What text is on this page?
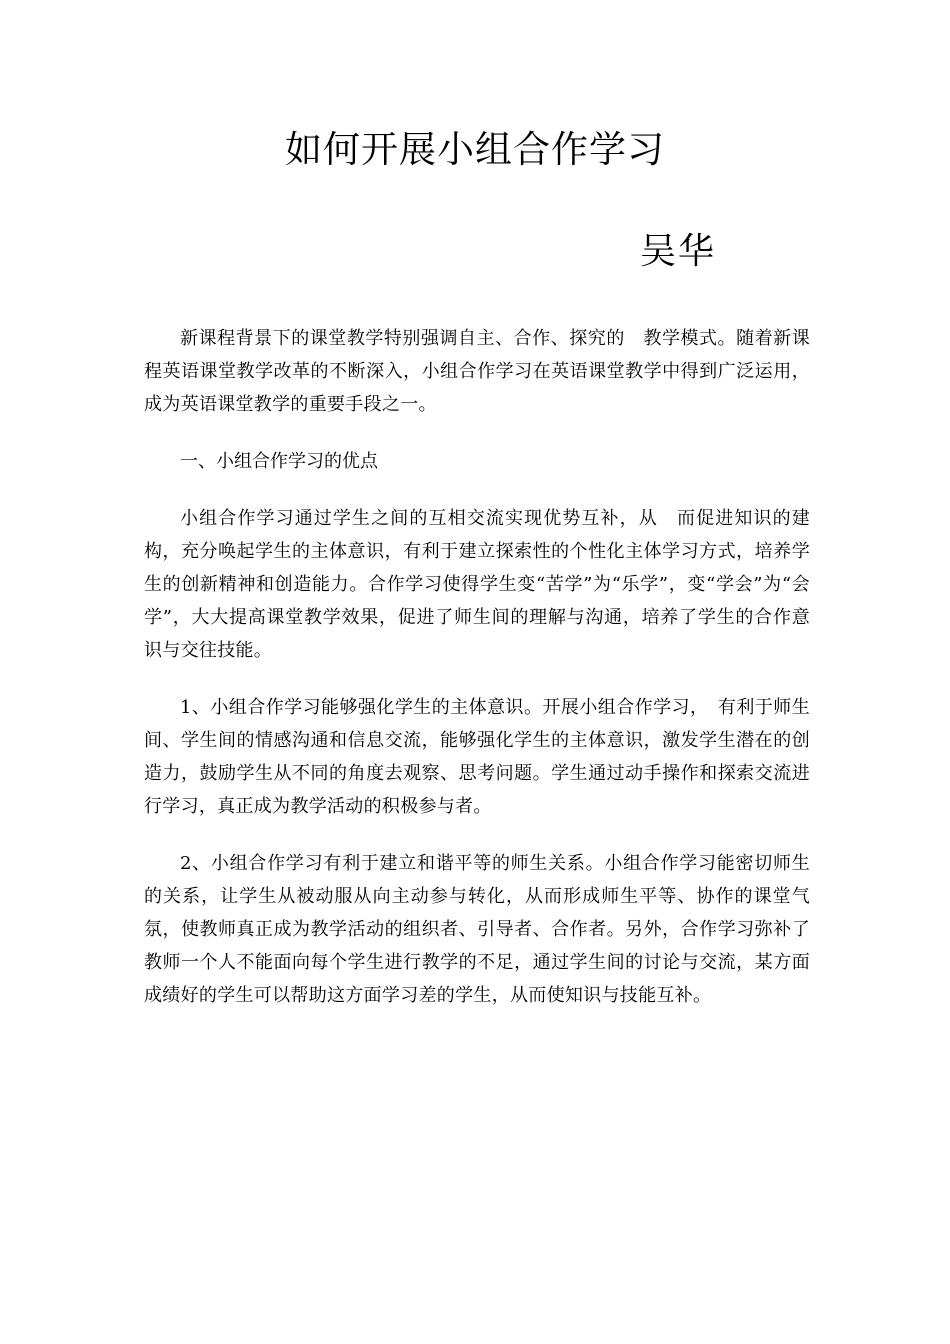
如何开展小组合作学习
吴华

新课程背景下的课堂教学特别强调自主、合作、探究的　教学模式。随着新课程英语课堂教学改革的不断深入，小组合作学习在英语课堂教学中得到广泛运用，成为英语课堂教学的重要手段之一。

一、小组合作学习的优点

小组合作学习通过学生之间的互相交流实现优势互补，从　而促进知识的建构，充分唤起学生的主体意识，有利于建立探索性的个性化主体学习方式，培养学生的创新精神和创造能力。合作学习使得学生变“苦学”为“乐学”，变“学会”为“会学”，大大提高课堂教学效果，促进了师生间的理解与沟通，培养了学生的合作意识与交往技能。

1、小组合作学习能够强化学生的主体意识。开展小组合作学习，　有利于师生间、学生间的情感沟通和信息交流，能够强化学生的主体意识，激发学生潜在的创造力，鼓励学生从不同的角度去观察、思考问题。学生通过动手操作和探索交流进行学习，真正成为教学活动的积极参与者。

2、小组合作学习有利于建立和谐平等的师生关系。小组合作学习能密切师生的关系，让学生从被动服从向主动参与转化，从而形成师生平等、协作的课堂气氛，使教师真正成为教学活动的组织者、引导者、合作者。另外，合作学习弥补了教师一个人不能面向每个学生进行教学的不足，通过学生间的讨论与交流，某方面成绩好的学生可以帮助这方面学习差的学生，从而使知识与技能互补。
